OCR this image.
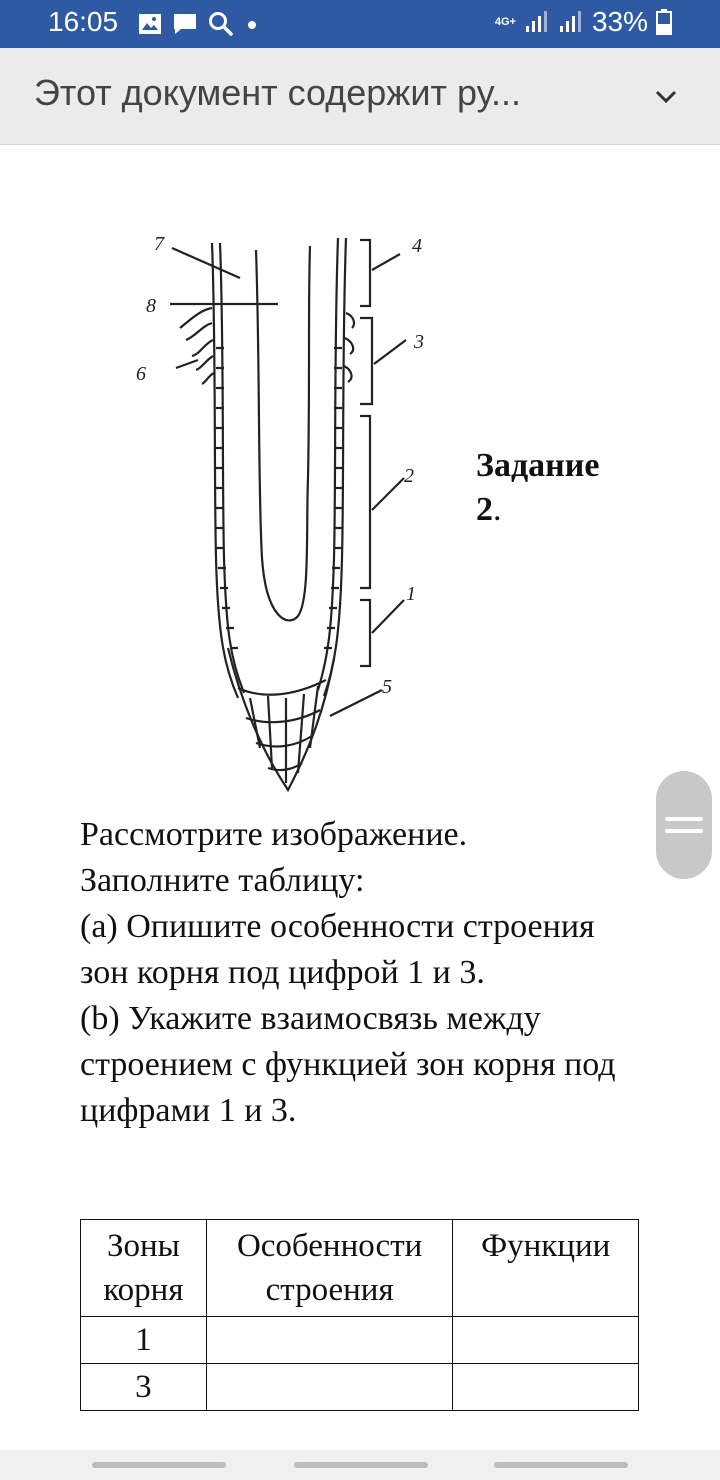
16:05	4G+	33%
Этот документ содержит ру...
4
3
2
1
5
6
7
8
Задание
2.

Рассмотрите изображение.

Заполните таблицу:

(a) Опишите особенности строения зон корня под цифрой 1 и 3.

(b) Укажите взаимосвязь между строением с функцией зон корня под цифрами 1 и 3.

Зоны корня	Особенности строения	Функции
1		
3		
